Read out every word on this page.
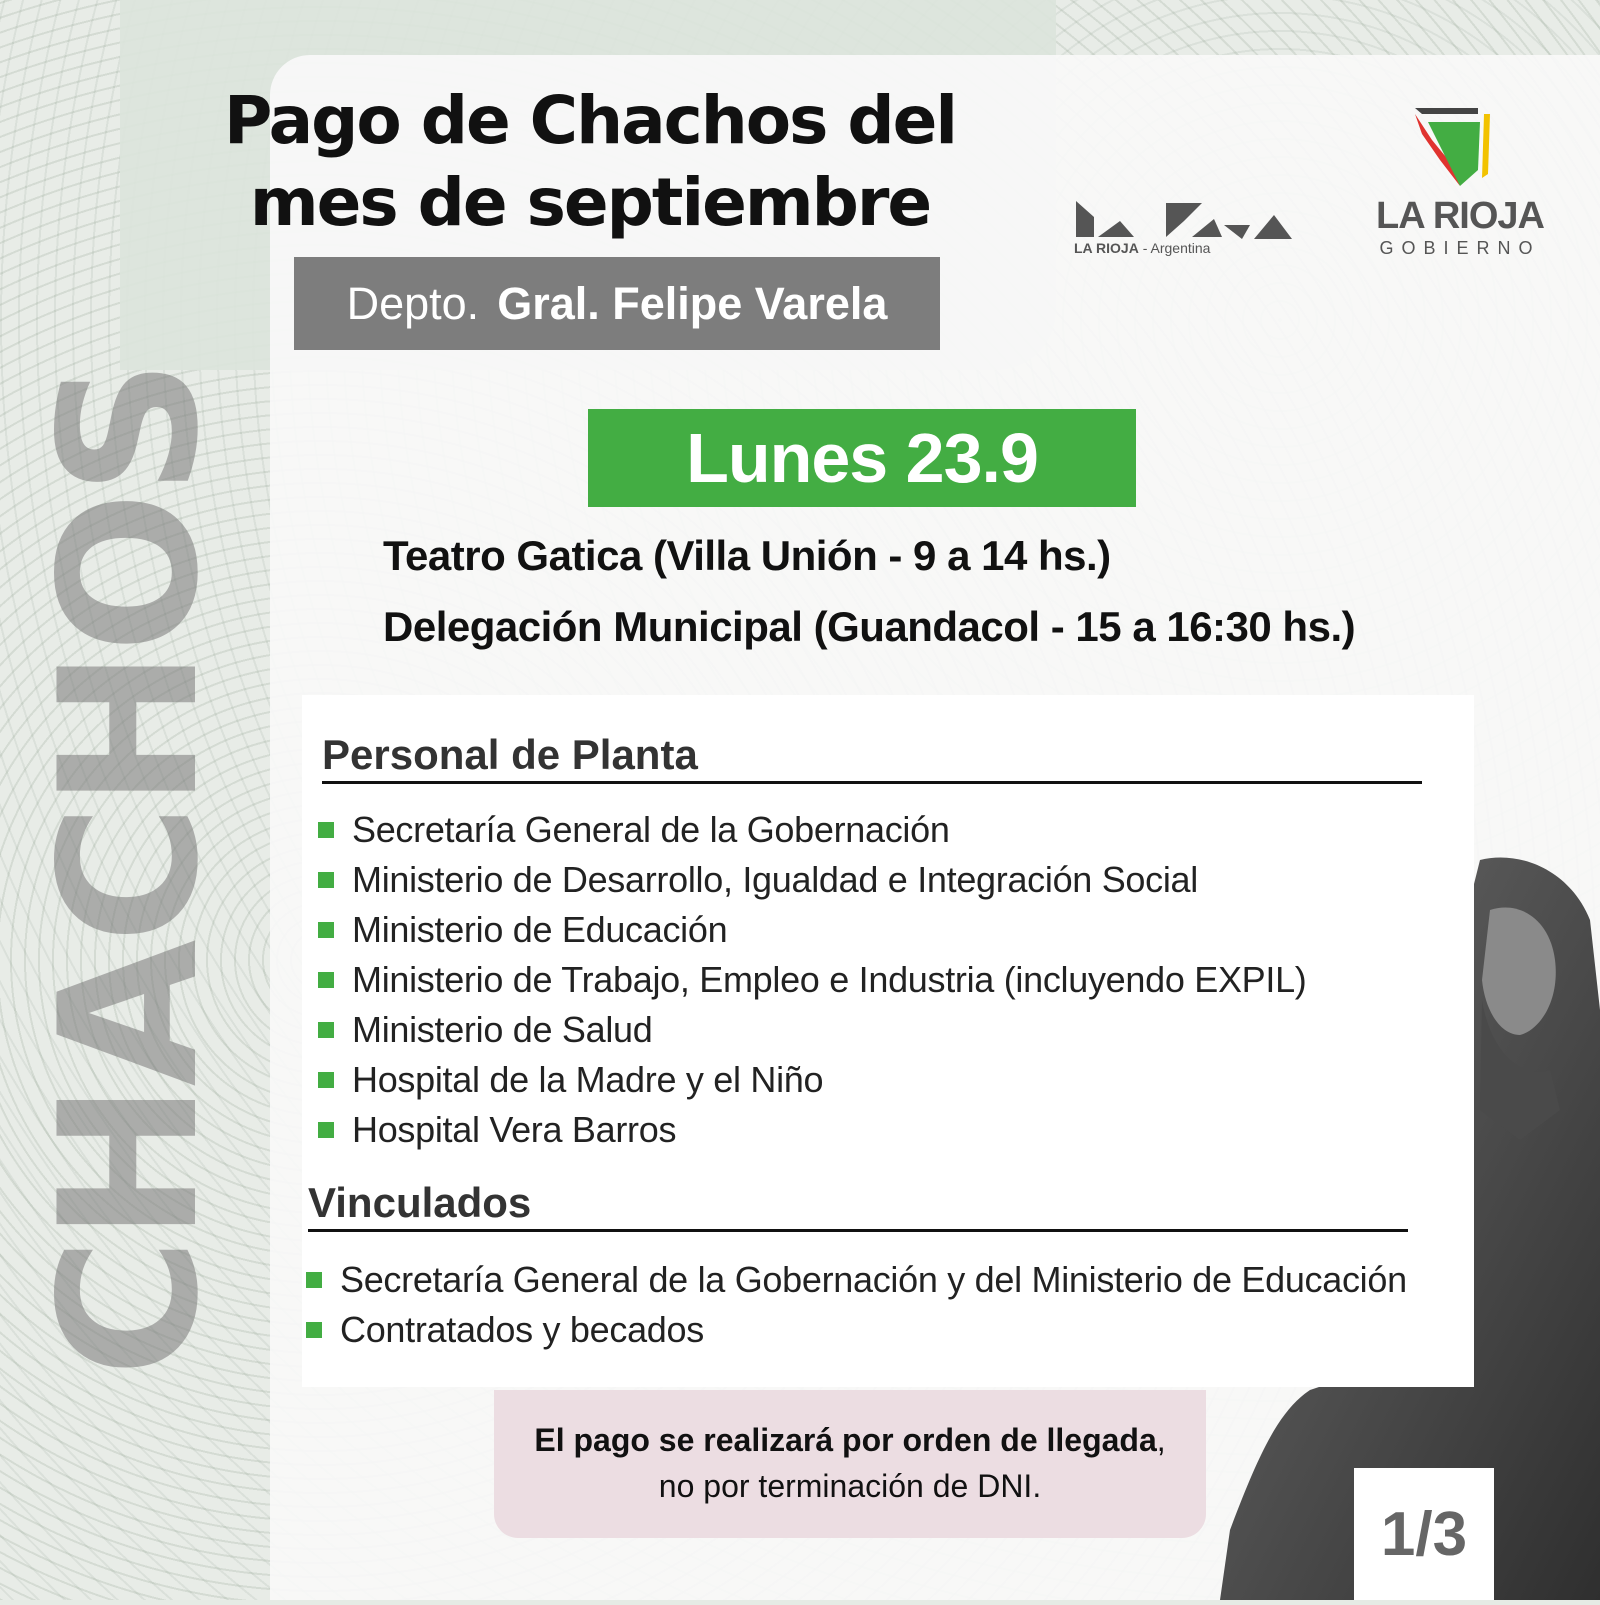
CHACHOS
Pago de Chachos del
mes de septiembre
Depto. Gral. Felipe Varela
LA RIOJA - Argentina
LA RIOJA
GOBIERNO
Lunes 23.9
Teatro Gatica (Villa Unión - 9 a 14 hs.)
Delegación Municipal (Guandacol - 15 a 16:30 hs.)
Personal de Planta
Secretaría General de la Gobernación
Ministerio de Desarrollo, Igualdad e Integración Social
Ministerio de Educación
Ministerio de Trabajo, Empleo e Industria (incluyendo EXPIL)
Ministerio de Salud
Hospital de la Madre y el Niño
Hospital Vera Barros
Vinculados
Secretaría General de la Gobernación y del Ministerio de Educación
Contratados y becados
El pago se realizará por orden de llegada,
no por terminación de DNI.
1/3
